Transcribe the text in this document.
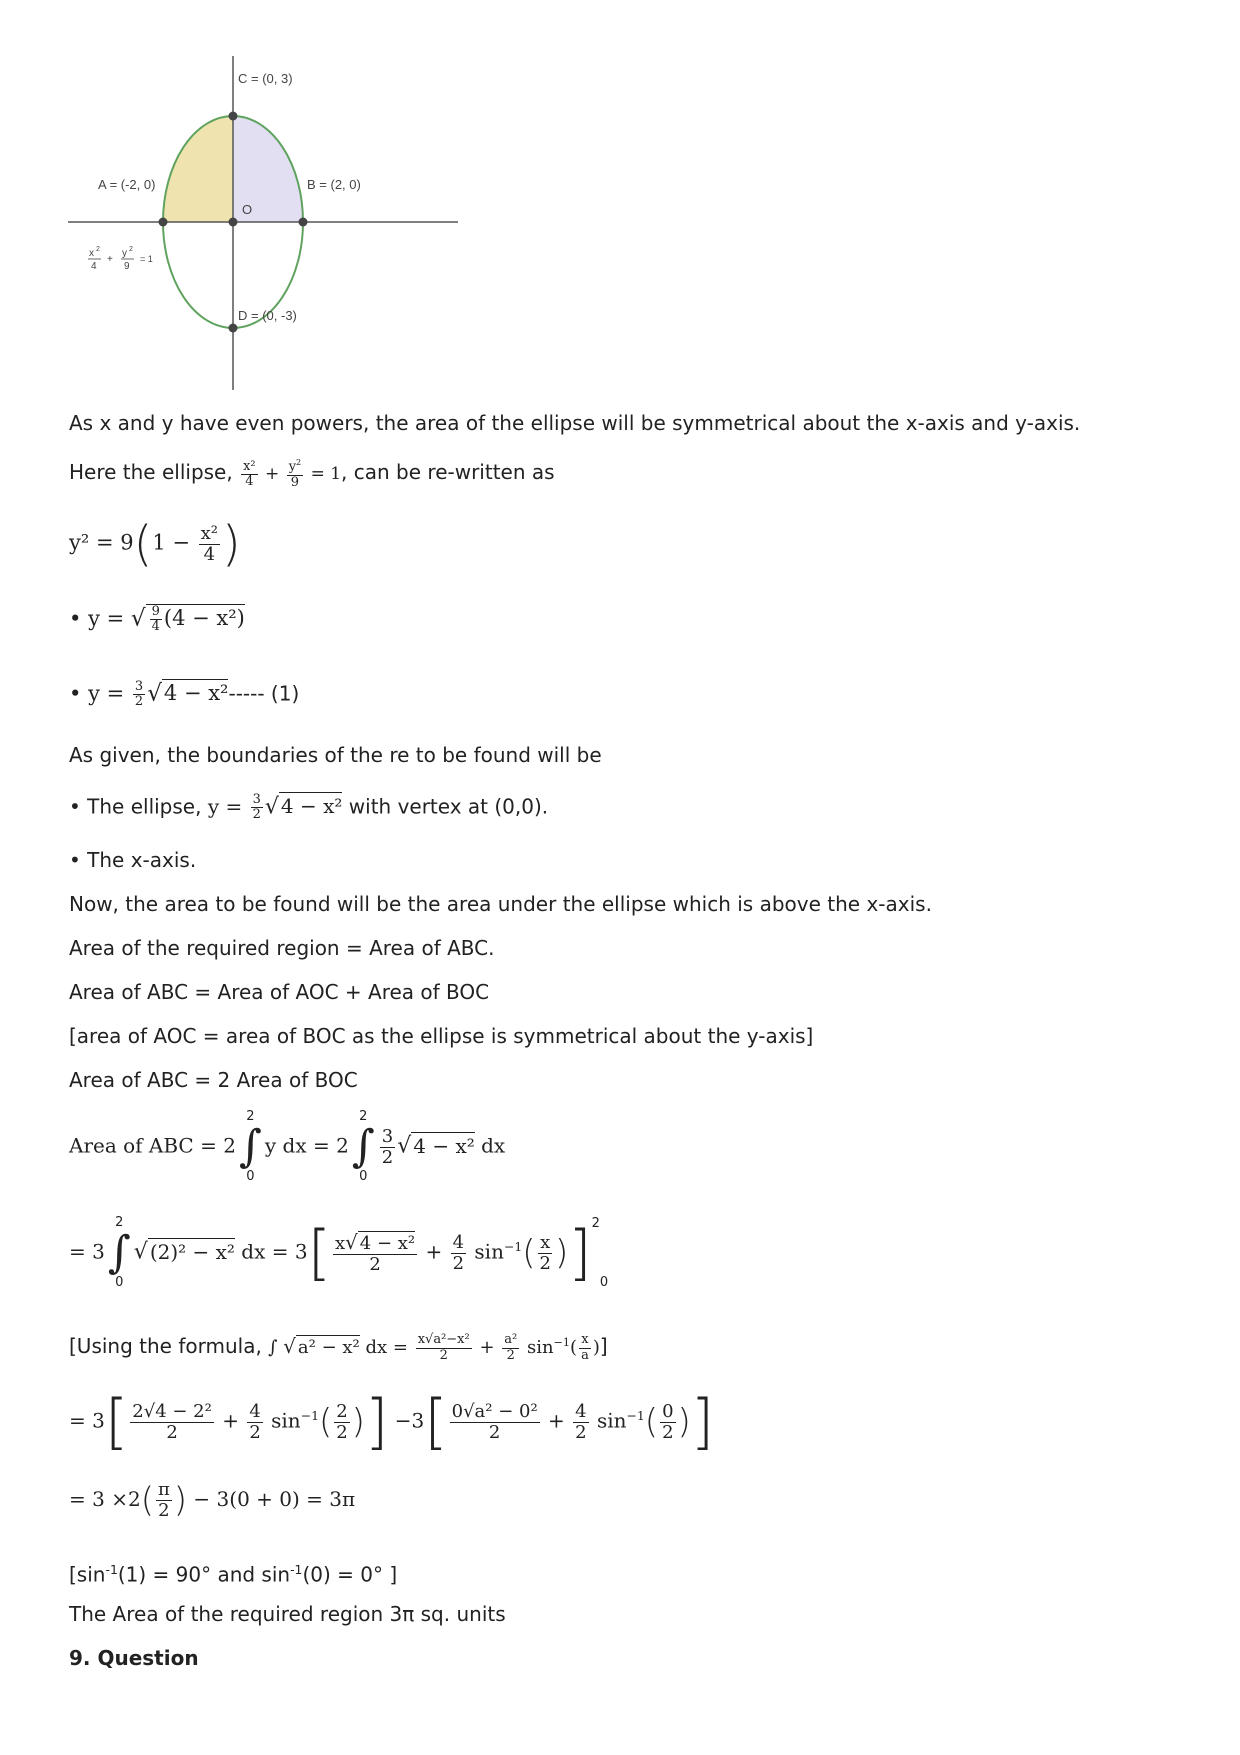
C = (0, 3)
A = (-2, 0)	B = (2, 0)
O
D = (0, -3)
x 2
4
+
y 2
9
= 1
As x and y have even powers, the area of the ellipse will be symmetrical about the x-axis and y-axis.
Here the ellipse, $\frac{\text{x²}}{4} + \frac{y^2}{9} = 1$, can be re-written as
$y^2 = 9(1 - \frac{\text{x²}}{4}$ )
• y = √ $\frac{9}{4} (4 - x^2)$
• $y = \frac{3}{2} √4 - x^2-----$ (1)
As given, the boundaries of the re to be found will be
• The ellipse, $y = \frac{3}{2}$ √ 4 − x² with vertex at (0,0).
• The x-axis.
Now, the area to be found will be the area under the ellipse which is above the x-axis.
Area of the required region = Area of ABC.
Area of ABC = Area of AOC + Area of BOC
[area of AOC = area of BOC as the ellipse is symmetrical about the y-axis]
Area of ABC = 2 Area of BOC
Area of ABC = 2
2
∫
0
y dx = 2
2
∫
0
$\frac{3}{2}$ √ 4 − x² dx
= 3
2
∫
0
√ (2)² − x² dx = $3[ \frac{\text{x√ 4 − x²}}{2} + \frac{4}{2} \sin^{-1}( \frac{x}{2} )]^20$
[Using the formula, ∫ √ a² − x² dx = $\frac{\text{x√a²−x²}}{2} + \frac{\text{a²}}{2} \sin^{-1}( \frac{x}{a}$ )]
= $3[ \frac{\text{2√4 − 2²}}{2} + \frac{4}{2} \sin^{-1}( \frac{2}{2}$ )] $-3[ \frac{\text{0√a² − 0²}}{2} + \frac{4}{2} \sin^{-1}( \frac{0}{2}$ )]
= $3 \times 2( \frac{\pi}{2}$ ) − 3(0 + 0) = 3π
[$\sin^{-1}(1) = 90^\circ$ and $\sin^{-1}(0) = 0^\circ$ ]
The Area of the required region 3π sq. units
9. Question
